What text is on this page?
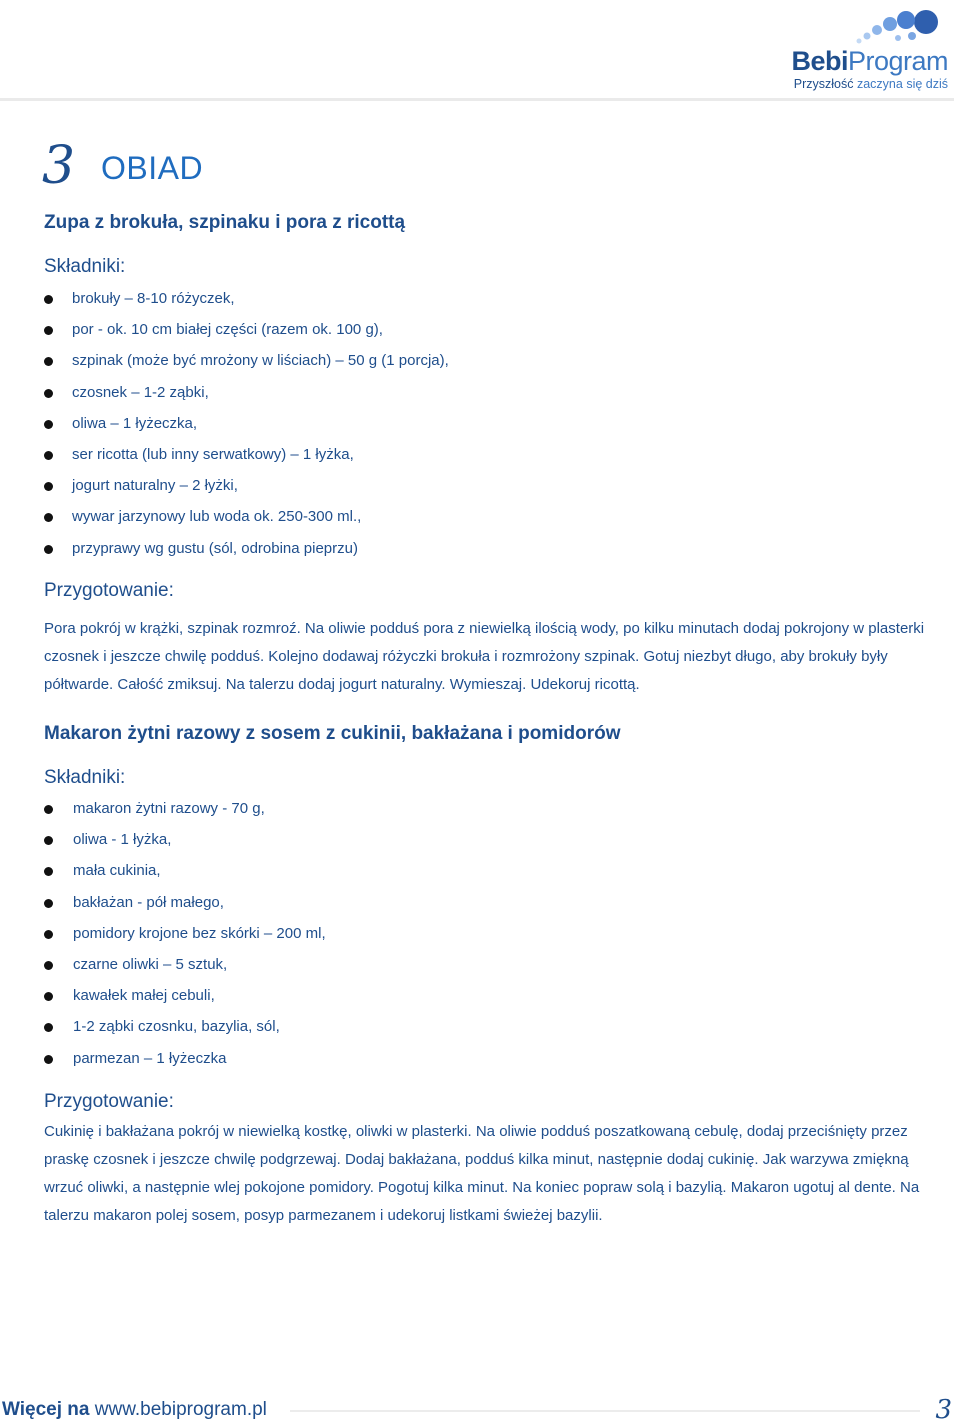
BebiProgram
Przyszłość zaczyna się dziś
3 OBIAD
Zupa z brokuła, szpinaku i pora z ricottą
Składniki:
brokuły – 8-10 różyczek,
por - ok. 10 cm białej części (razem ok. 100 g),
szpinak (może być mrożony w liściach) – 50 g (1 porcja),
czosnek – 1-2 ząbki,
oliwa – 1 łyżeczka,
ser ricotta (lub inny serwatkowy) – 1 łyżka,
jogurt naturalny – 2 łyżki,
wywar jarzynowy lub woda ok. 250-300 ml.,
przyprawy wg gustu (sól, odrobina pieprzu)
Przygotowanie:

Pora pokrój w krążki, szpinak rozmroź. Na oliwie podduś pora z niewielką ilością wody, po kilku minutach dodaj pokrojony w plasterki czosnek i jeszcze chwilę podduś. Kolejno dodawaj różyczki brokuła i rozmrożony szpinak. Gotuj niezbyt długo, aby brokuły były półtwarde. Całość zmiksuj. Na talerzu dodaj jogurt naturalny. Wymieszaj. Udekoruj ricottą.

Makaron żytni razowy z sosem z cukinii, bakłażana i pomidorów
Składniki:
makaron żytni razowy - 70 g,
oliwa - 1 łyżka,
mała cukinia,
bakłażan - pół małego,
pomidory krojone bez skórki – 200 ml,
czarne oliwki – 5 sztuk,
kawałek małej cebuli,
1-2 ząbki czosnku, bazylia, sól,
parmezan – 1 łyżeczka
Przygotowanie:

Cukinię i bakłażana pokrój w niewielką kostkę, oliwki w plasterki. Na oliwie podduś poszatkowaną cebulę, dodaj przeciśnięty przez praskę czosnek i jeszcze chwilę podgrzewaj. Dodaj bakłażana, podduś kilka minut, następnie dodaj cukinię. Jak warzywa zmiękną wrzuć oliwki, a następnie wlej pokojone pomidory. Pogotuj kilka minut. Na koniec popraw solą i bazylią. Makaron ugotuj al dente. Na talerzu makaron polej sosem, posyp parmezanem i udekoruj listkami świeżej bazylii.

Więcej na www.bebiprogram.pl	3
